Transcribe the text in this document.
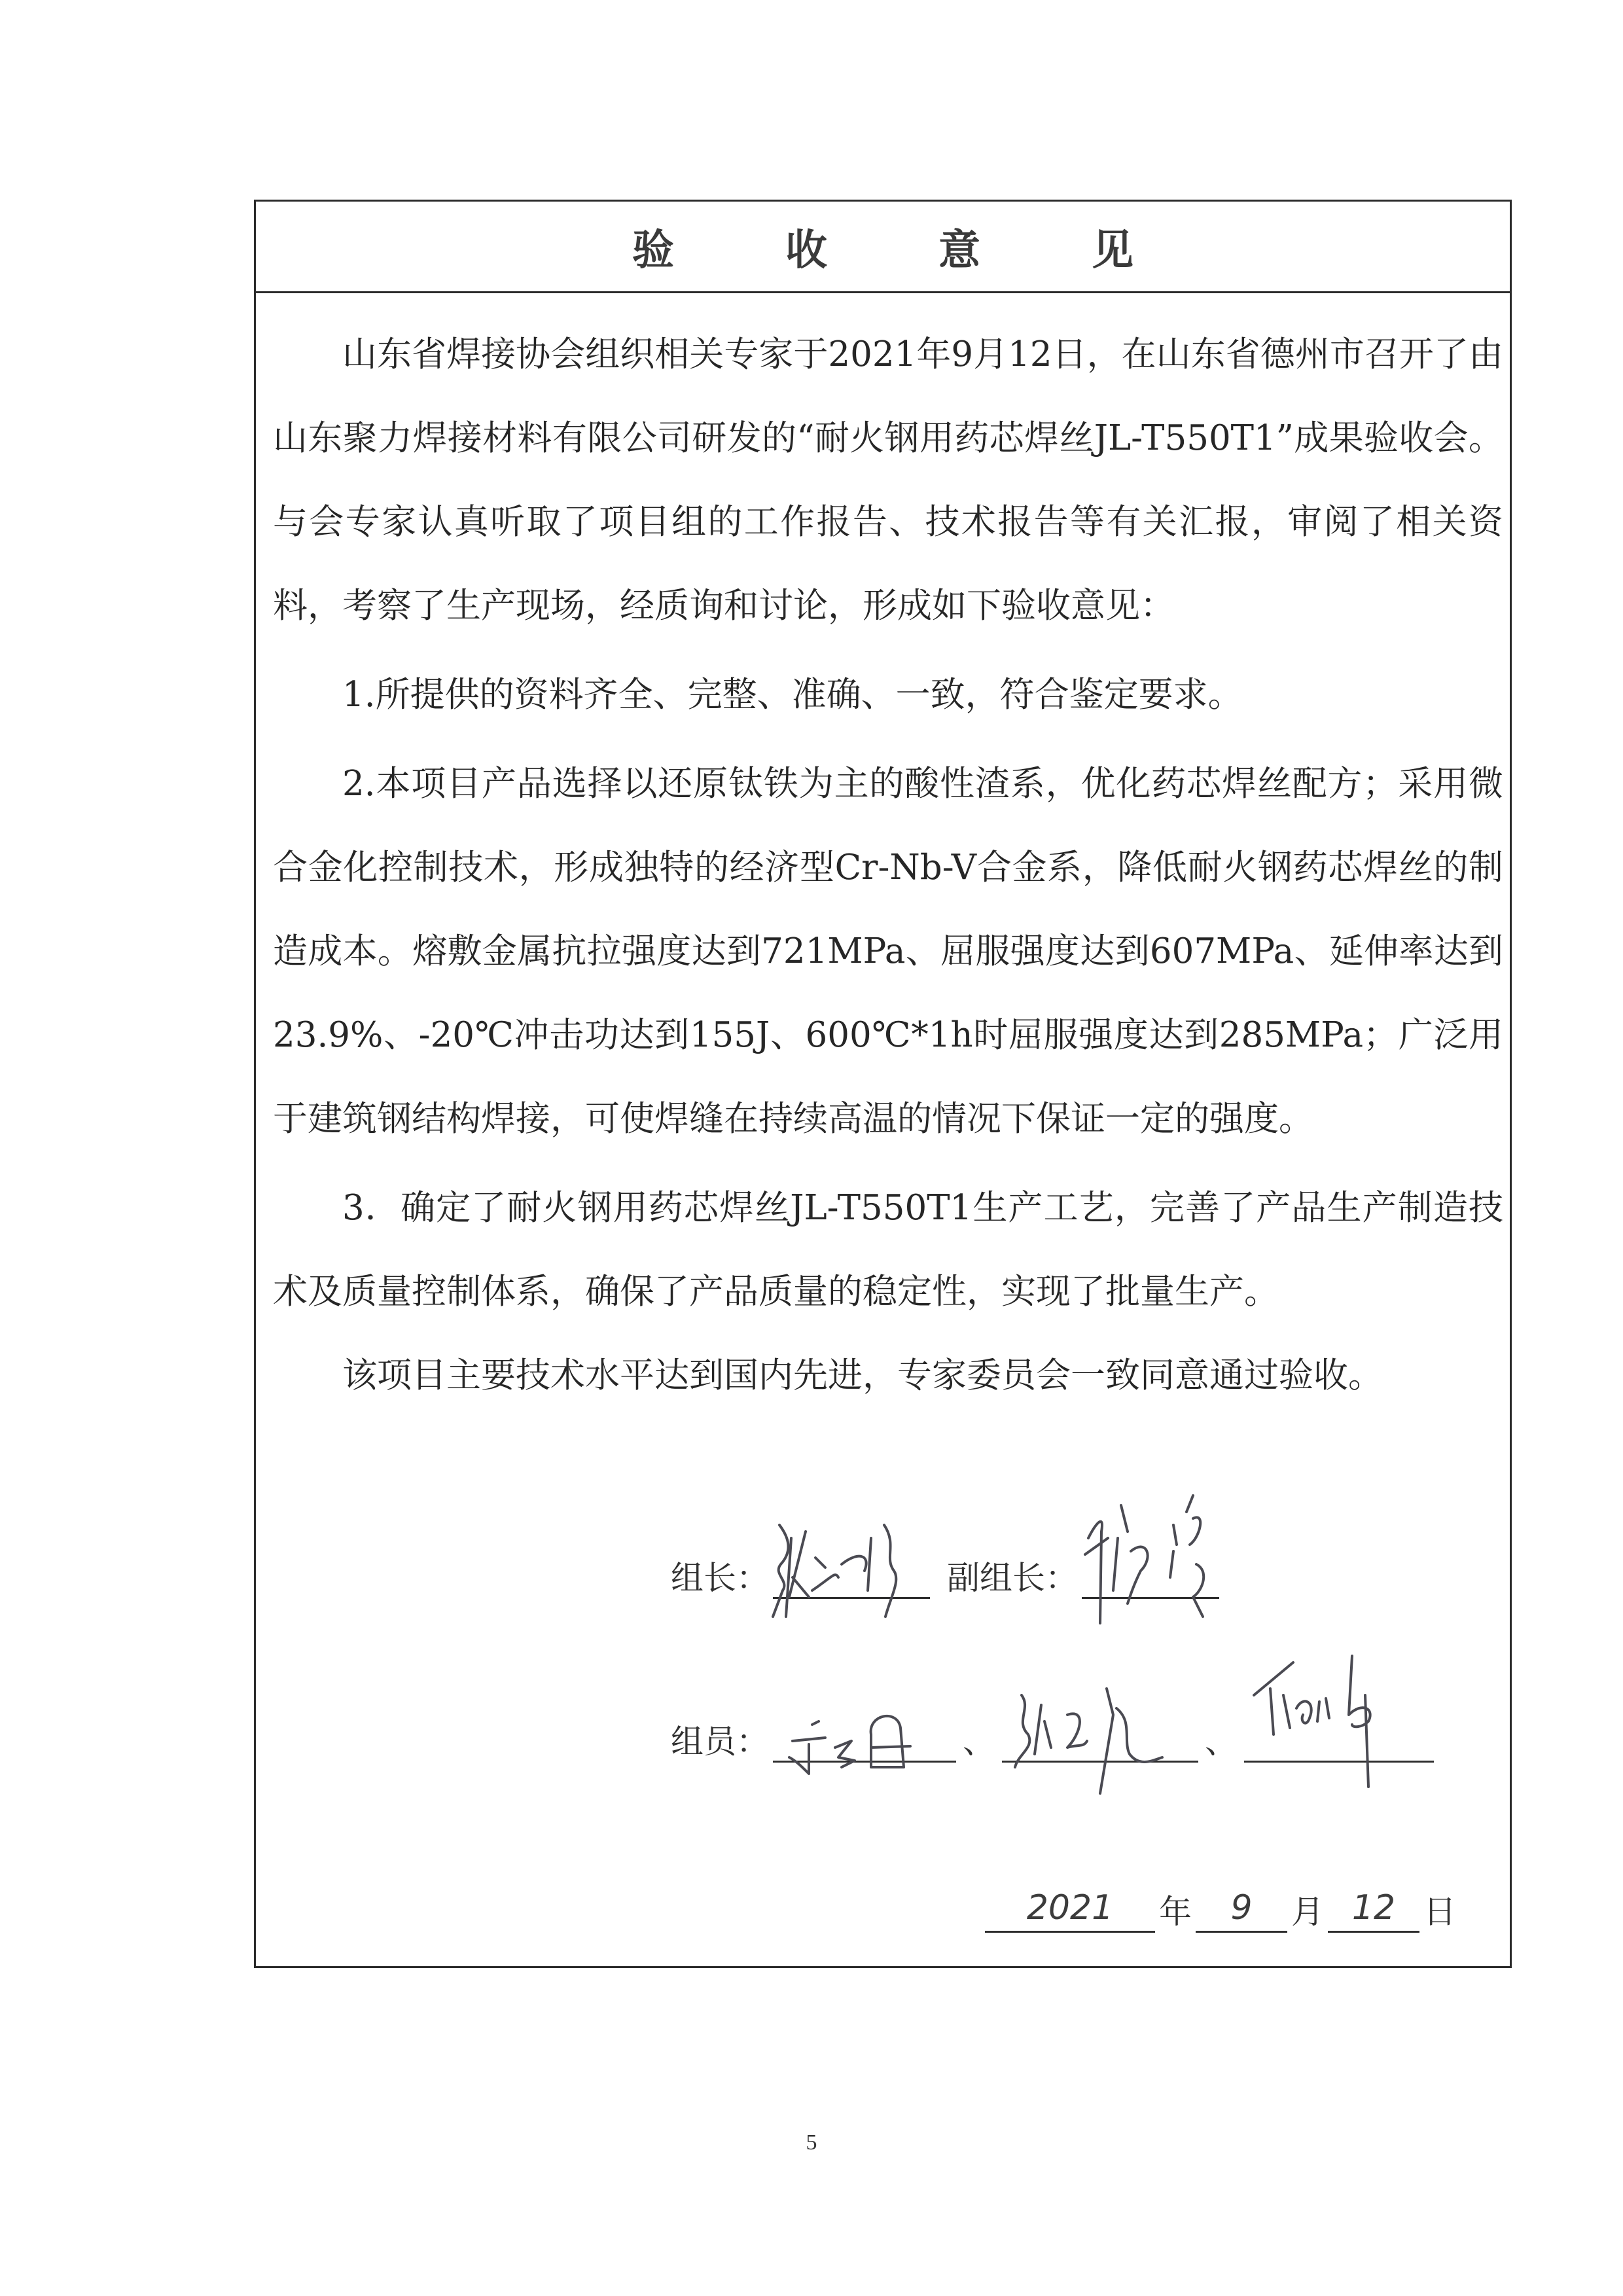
验收意见

山东省焊接协会组织相关专家于2021年9月12日，在山东省德州市召开了由山东聚力焊接材料有限公司研发的“耐火钢用药芯焊丝JL-T550T1”成果验收会。与会专家认真听取了项目组的工作报告、技术报告等有关汇报，审阅了相关资料，考察了生产现场，经质询和讨论，形成如下验收意见：

1.所提供的资料齐全、完整、准确、一致，符合鉴定要求。

2.本项目产品选择以还原钛铁为主的酸性渣系，优化药芯焊丝配方；采用微合金化控制技术，形成独特的经济型Cr-Nb-V合金系，降低耐火钢药芯焊丝的制造成本。熔敷金属抗拉强度达到721MPa、屈服强度达到607MPa、延伸率达到23.9%、-20℃冲击功达到155J、600℃*1h时屈服强度达到285MPa；广泛用于建筑钢结构焊接，可使焊缝在持续高温的情况下保证一定的强度。

3．确定了耐火钢用药芯焊丝JL-T550T1生产工艺，完善了产品生产制造技术及质量控制体系，确保了产品质量的稳定性，实现了批量生产。

该项目主要技术水平达到国内先进，专家委员会一致同意通过验收。

组长：	副组长：
组员：	、	、
2021	年	9	月 12 日
5
